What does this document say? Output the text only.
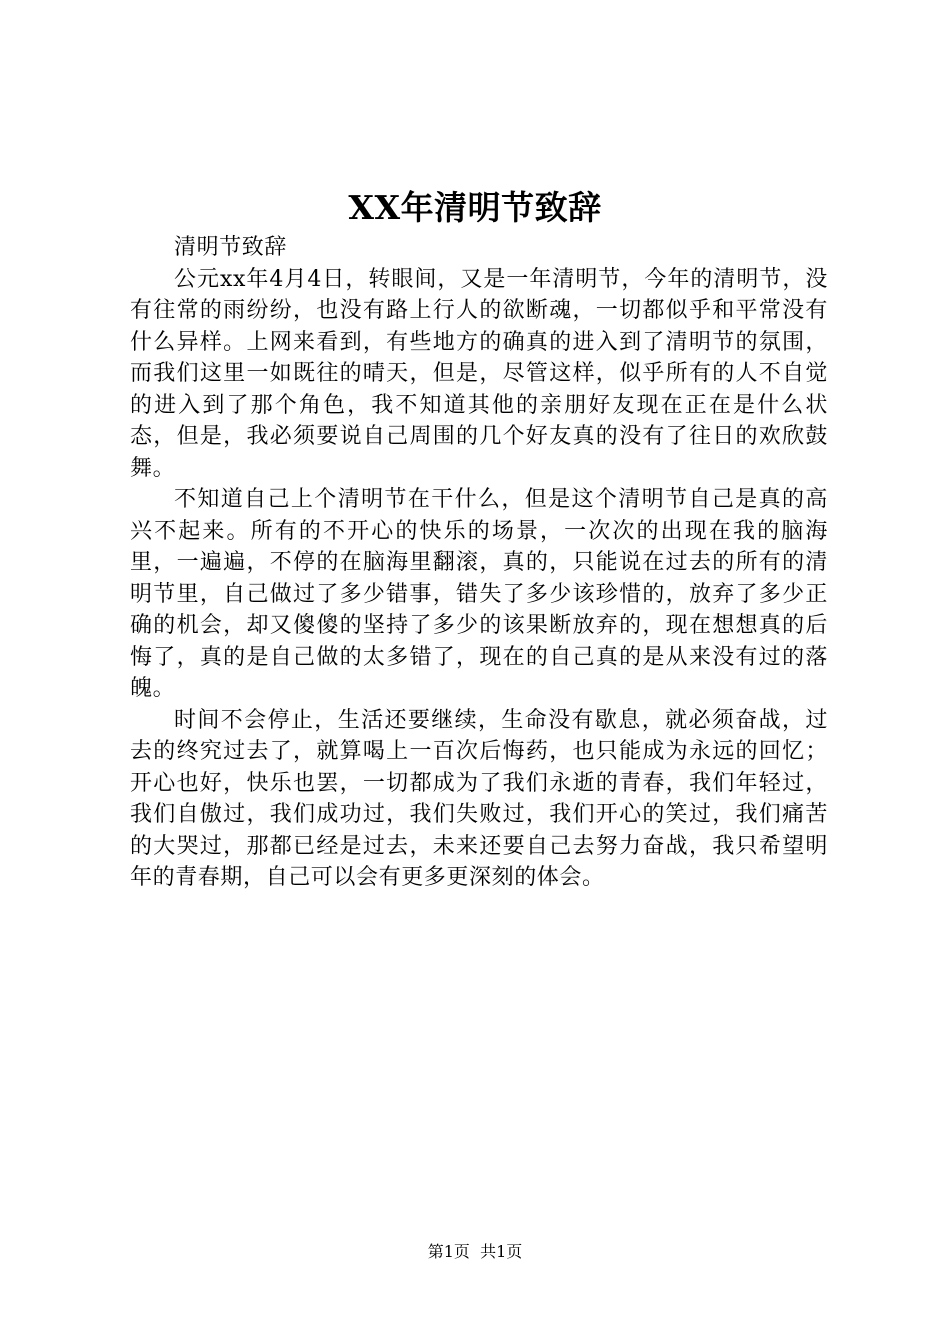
XX年清明节致辞

清明节致辞

公元xx年4月4日，转眼间，又是一年清明节，今年的清明节，没有往常的雨纷纷，也没有路上行人的欲断魂，一切都似乎和平常没有什么异样。上网来看到，有些地方的确真的进入到了清明节的氛围，而我们这里一如既往的晴天，但是，尽管这样，似乎所有的人不自觉的进入到了那个角色，我不知道其他的亲朋好友现在正在是什么状态，但是，我必须要说自己周围的几个好友真的没有了往日的欢欣鼓舞。

不知道自己上个清明节在干什么，但是这个清明节自己是真的高兴不起来。所有的不开心的快乐的场景，一次次的出现在我的脑海里，一遍遍，不停的在脑海里翻滚，真的，只能说在过去的所有的清明节里，自己做过了多少错事，错失了多少该珍惜的，放弃了多少正确的机会，却又傻傻的坚持了多少的该果断放弃的，现在想想真的后悔了，真的是自己做的太多错了，现在的自己真的是从来没有过的落魄。

时间不会停止，生活还要继续，生命没有歇息，就必须奋战，过去的终究过去了，就算喝上一百次后悔药，也只能成为永远的回忆；开心也好，快乐也罢，一切都成为了我们永逝的青春，我们年轻过，我们自傲过，我们成功过，我们失败过，我们开心的笑过，我们痛苦的大哭过，那都已经是过去，未来还要自己去努力奋战，我只希望明年的青春期，自己可以会有更多更深刻的体会。

第1页 共1页
